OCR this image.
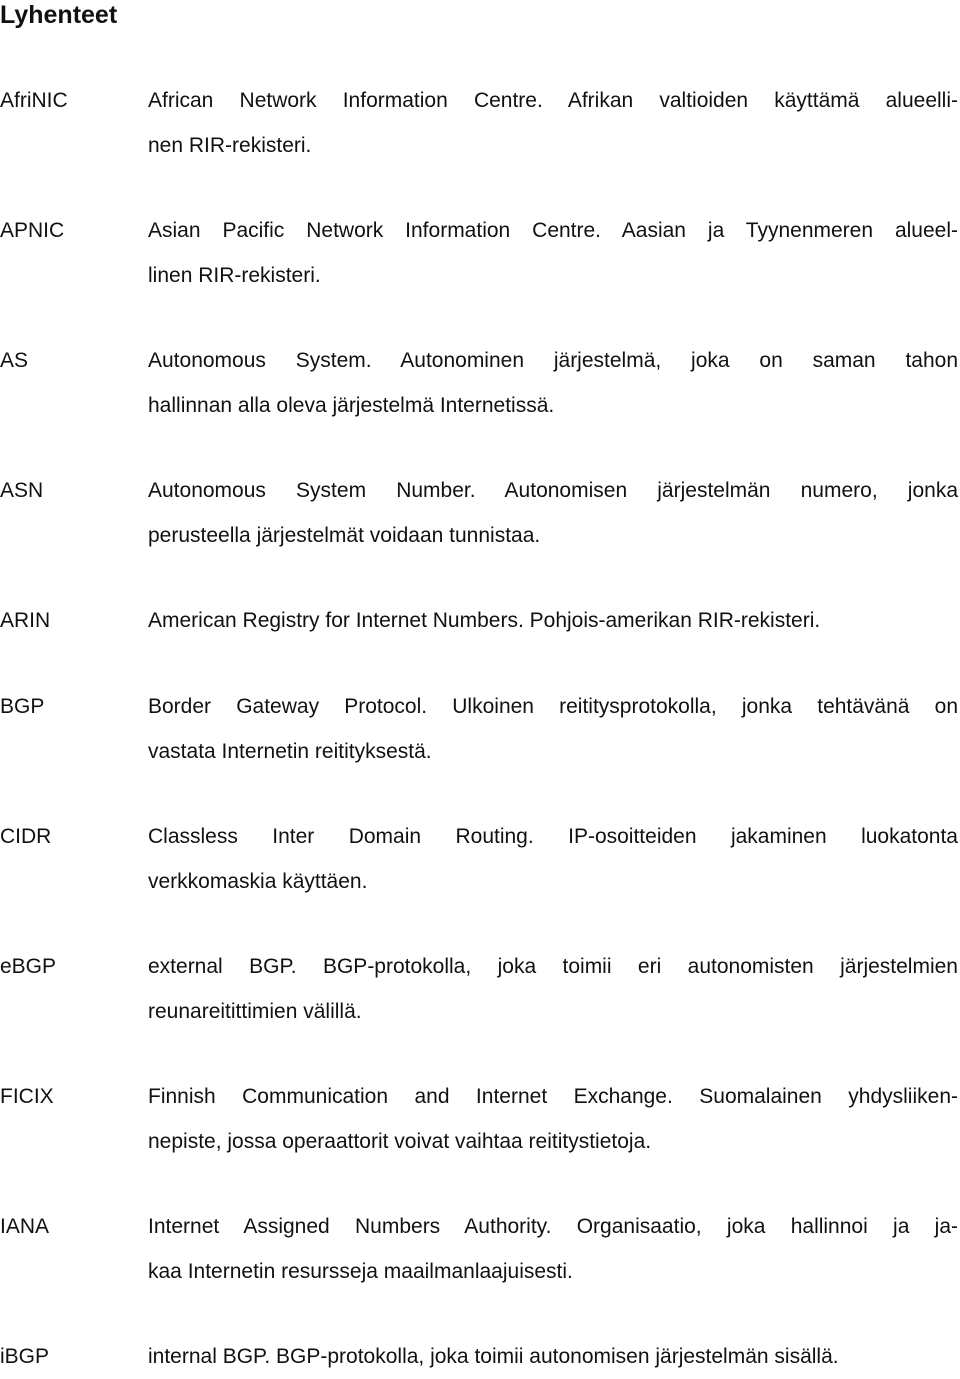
Lyhenteet
AfriNIC	African Network Information Centre. Afrikan valtioiden käyttämä alueelli-
nen RIR-rekisteri.
APNIC	Asian Pacific Network Information Centre. Aasian ja Tyynenmeren alueel-
linen RIR-rekisteri.
AS	Autonomous System. Autonominen järjestelmä, joka on saman tahon
hallinnan alla oleva järjestelmä Internetissä.
ASN	Autonomous System Number. Autonomisen järjestelmän numero, jonka
perusteella järjestelmät voidaan tunnistaa.
ARIN	American Registry for Internet Numbers. Pohjois-amerikan RIR-rekisteri.
BGP	Border Gateway Protocol. Ulkoinen reititysprotokolla, jonka tehtävänä on
vastata Internetin reitityksestä.
CIDR	Classless Inter Domain Routing. IP-osoitteiden jakaminen luokatonta
verkkomaskia käyttäen.
eBGP	external BGP. BGP-protokolla, joka toimii eri autonomisten järjestelmien
reunareitittimien välillä.
FICIX	Finnish Communication and Internet Exchange. Suomalainen yhdysliiken-
nepiste, jossa operaattorit voivat vaihtaa reititystietoja.
IANA	Internet Assigned Numbers Authority. Organisaatio, joka hallinnoi ja ja-
kaa Internetin resursseja maailmanlaajuisesti.
iBGP	internal BGP. BGP-protokolla, joka toimii autonomisen järjestelmän sisällä.
